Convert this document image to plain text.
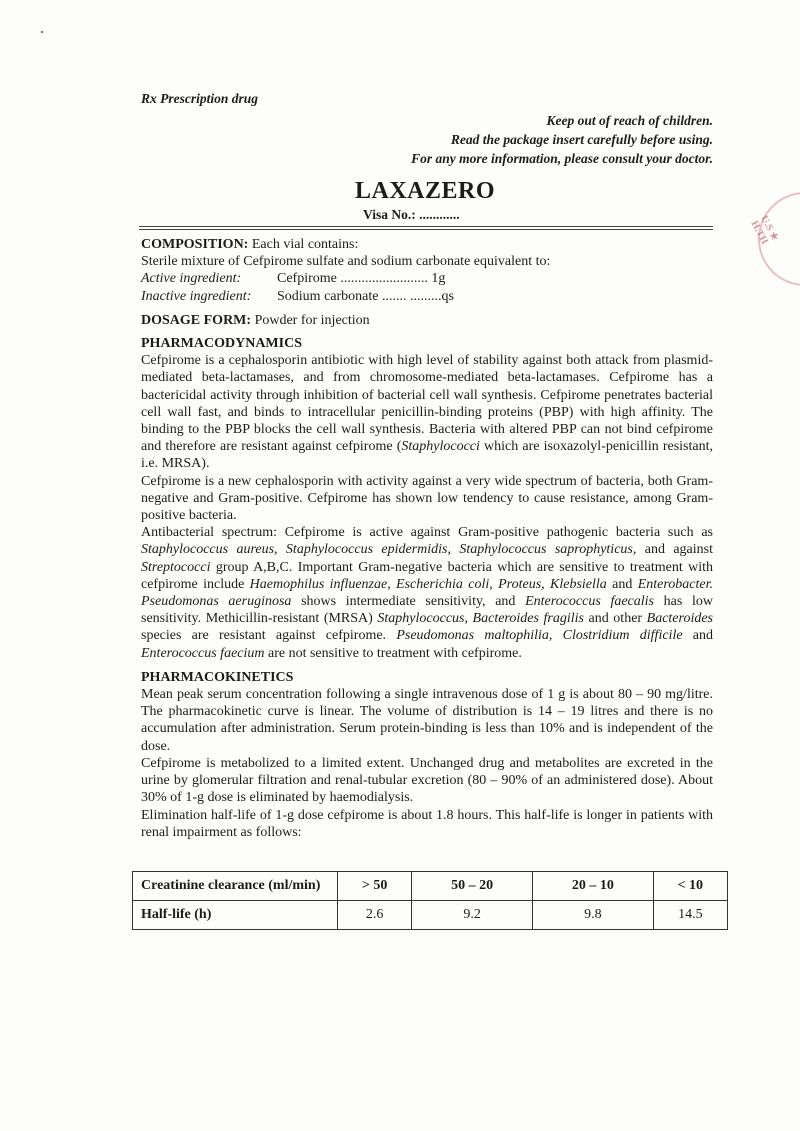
Rx Prescription drug
Keep out of reach of children.
Read the package insert carefully before using.
For any more information, please consult your doctor.
LAXAZERO
Visa No.: ............	U.S ★ H.TH

COMPOSITION: Each vial contains:

Sterile mixture of Cefpirome sulfate and sodium carbonate equivalent to:

Active ingredient:	Cefpirome ......................... 1g
Inactive ingredient:	Sodium carbonate ....... .........qs

DOSAGE FORM: Powder for injection

PHARMACODYNAMICS

Cefpirome is a cephalosporin antibiotic with high level of stability against both attack from plasmid-mediated beta-lactamases, and from chromosome-mediated beta-lactamases. Cefpirome has a bactericidal activity through inhibition of bacterial cell wall synthesis. Cefpirome penetrates bacterial cell wall fast, and binds to intracellular penicillin-binding proteins (PBP) with high affinity. The binding to the PBP blocks the cell wall synthesis. Bacteria with altered PBP can not bind cefpirome and therefore are resistant against cefpirome (Staphylococci which are isoxazolyl-penicillin resistant, i.e. MRSA).

Cefpirome is a new cephalosporin with activity against a very wide spectrum of bacteria, both Gram-negative and Gram-positive. Cefpirome has shown low tendency to cause resistance, among Gram-positive bacteria.

Antibacterial spectrum: Cefpirome is active against Gram-positive pathogenic bacteria such as Staphylococcus aureus, Staphylococcus epidermidis, Staphylococcus saprophyticus, and against Streptococci group A,B,C. Important Gram-negative bacteria which are sensitive to treatment with cefpirome include Haemophilus influenzae, Escherichia coli, Proteus, Klebsiella and Enterobacter. Pseudomonas aeruginosa shows intermediate sensitivity, and Enterococcus faecalis has low sensitivity. Methicillin-resistant (MRSA) Staphylococcus, Bacteroides fragilis and other Bacteroides species are resistant against cefpirome. Pseudomonas maltophilia, Clostridium difficile and Enterococcus faecium are not sensitive to treatment with cefpirome.

PHARMACOKINETICS

Mean peak serum concentration following a single intravenous dose of 1 g is about 80 – 90 mg/litre. The pharmacokinetic curve is linear. The volume of distribution is 14 – 19 litres and there is no accumulation after administration. Serum protein-binding is less than 10% and is independent of the dose.

Cefpirome is metabolized to a limited extent. Unchanged drug and metabolites are excreted in the urine by glomerular filtration and renal-tubular excretion (80 – 90% of an administered dose). About 30% of 1-g dose is eliminated by haemodialysis.

Elimination half-life of 1-g dose cefpirome is about 1.8 hours. This half-life is longer in patients with renal impairment as follows:

Creatinine clearance (ml/min)	> 50	50 – 20	20 – 10	< 10
Half-life (h)	2.6	9.2	9.8	14.5
